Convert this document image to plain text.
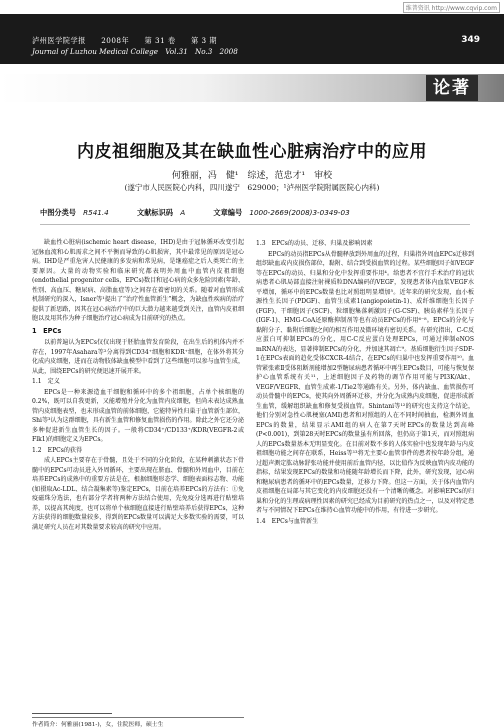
维普资讯 http://www.cqvip.com
泸州医学院学报　　2008年　　第 31 卷　　第 3 期
Journal of Luzhou Medical College　Vol.31　No.3　2008
349
论著
内皮祖细胞及其在缺血性心脏病治疗中的应用
何雅丽，冯　健¹　综述，范忠才¹　审校
(遂宁市人民医院心内科，四川遂宁　629000；¹泸州医学院附属医院心内科)
中图分类号　 R541.4	文献标识码　 A	文章编号　 1000-2669(2008)3-0349-03

缺血性心脏病(ischemic heart disease，IHD)是由于冠脉循环改变引起冠脉血流和心肌需求之间不平衡而导致的心肌损害，其中最常见的原因是冠心病。IHD是严重危害人民健康的多发病和常见病，是继癌症之后人类死亡的主要原因。大量的动物实验和临床研究都表明外周血中血管内皮祖细胞(endothelial progenitor cells，EPCs)数目和冠心病的众多危险因素(年龄、性别、高血压、糖尿病、高脂血症等)之间存在着密切的关系。随着对血管形成机制研究的深入，Isner等¹提出了“治疗性血管新生”概念，为缺血性疾病的治疗提供了新思路，因其在冠心病治疗中的巨大潜力越来越受到关注，血管内皮祖细胞以及用其作为种子细胞治疗冠心病成为目前研究的热点。

1　EPCs

以前普遍认为EPCs仅仅出现于胚胎血管发育阶段，在出生后的机体内并不存在，1997年Asahara等²分离得到CD34⁺细胞和KDR⁺细胞，在体外将其分化成内皮细胞，进而在动物肢体缺血模型中看到了这些细胞可以参与血管生成，从此，围绕EPCs的研究便迅速开展开来。

1.1　定义

EPCs是一种来源造血干细胞和循环中的多个祖细胞，占单个核细胞的0.2%，既可以自我更新，又能增殖并分化为血管内皮细胞，但尚未表达成熟血管内皮细胞表型，也未形成血管的前体细胞，它能特异性归巢于血管新生部位，Shi等³认为这群细胞，具有新生血管和修复血管损伤的作用。除此之外它还分泌多种促进新生血管生长的因子。一般将CD34⁺/CD133⁺/KDR(VEGFR-2或Flk1)的细胞定义为EPCs。

1.2　EPCs的获得

成人EPCs主要存在于骨髓，且处于不同的分化阶段，在某种刺激状态下骨髓中的EPCs可动员进入外周循环，主要出现在脐血、骨髓和外周血中，目前在培养EPCs的成熟中的重要方法是在，根据细胞形态学、细胞表面标志物、功能(如摄取Ac-LDL、结合凝集素等)鉴定EPCs，目前在培养EPCs的方法有：①免疫磁珠分选法，也有部分学者将两种方法结合使用，先免疫分选再进行贴壁培养，以提高其纯度，也可以将单个核细胞直接进行贴壁培养后获得EPCs，这种方法获得的细胞数量较多，得到的EPCs数量可以满足大多数实验的需要，可以满足研究人员在对其数量要求较高的研究中应用。

1.3　EPCs的动员、迁移、归巢及影响因素

EPCs的动员指EPCs从骨髓释放到外周血的过程，归巢指外周血EPCs迁移到组织缺血或内皮损伤部位，黏附、结合到受损血管的过程。某些细胞因子如VEGF等在EPCs的动员、归巢和分化中发挥重要作用⁴。给患者不宜行手术治疗的冠状病患者心肌局部直接注射裸质粒DNA编码的VEGF，发现患者体内血浆VEGF水平增加，循环中的EPCs数量也比对照组明显增加⁵。近年来的研究发现，血小板源性生长因子(PDGF)、血管生成素1(angiopoietin-1)、成纤维细胞生长因子(FGF)、干细胞因子(SCF)、粒细胞集落刺激因子(G-CSF)、胰岛素样生长因子(IGF-1)、HMG-CoA还原酶抑制剂等也有动员EPCs的作用⁶⁻⁸。EPCs的分化与黏附分子、黏附后细胞之间的相互作用及微环境有密切关系。有研究指出，C-C反应蛋白可抑制EPCs的分化，用C-C反应蛋白处理EPCs，可通过抑制eNOS mRNA的表达，显著抑制EPCs的分化，并加速其凋亡⁹。基质细胞衍生因子SDF-1在EPCs表面的趋化受体CXCR-4结合，在EPCs的归巢中也发挥重要作用¹⁰。血管紧张素Ⅱ受体阻断剂能增加2型糖尿病患者循环中再生EPCs数目，可能与恢复保护心血管系统有关¹¹，上述细胞因子及药物的调节作用可能与PI3K/Akt、VEGF/VEGFR、血管生成素-1/Tie2等通路有关。另外，体内缺血、血管损伤可动员骨髓中的EPCs，使其向外周循环迁移，并分化为成熟内皮细胞，促进形成新生血管，缓解组织缺血和修复受损血管。Shintani等¹²的研究也支持这个结论，他们分别对急性心肌梗塞(AMI)患者和对照组的人在不同时间抽血，检测外周血EPCs的数量，结果显示AMI组的病人在第7天时EPCs的数量达到高峰(P<0.001)，到第28天时EPCs的数量虽有所回落，但仍高于第1天，而对照组病人的EPCs数量基本无明显变化。在目前对数不多的人体实验中也发现年龄与内皮祖细胞功能之间存在联系，Heiss等¹³将无主要心血管事件的患者按年龄分组，通过超声测定肱动脉舒张功能并使用前后血管内径，以比值作为反映血管内皮功能的指标，结果发现EPCs的数量和功能随年龄增长而下降，此外，研究发现，冠心病和糖尿病患者的循环中的EPCs数量，迁移力下降。但这一方面，关于体内血管内皮祖细胞在局部与其它变化的内皮细胞还没有一个清晰的概念。对影响EPCs的归巢和分化的生理或病理性因素的研究已经成为目前研究的热点之一，以及对特定患者与不同情况下EPCs在维持心血管功能中的作用，有待进一步研究。

1.4　EPCs与血管新生
作者简介：何雅丽(1981-)，女，住院医师，硕士生
